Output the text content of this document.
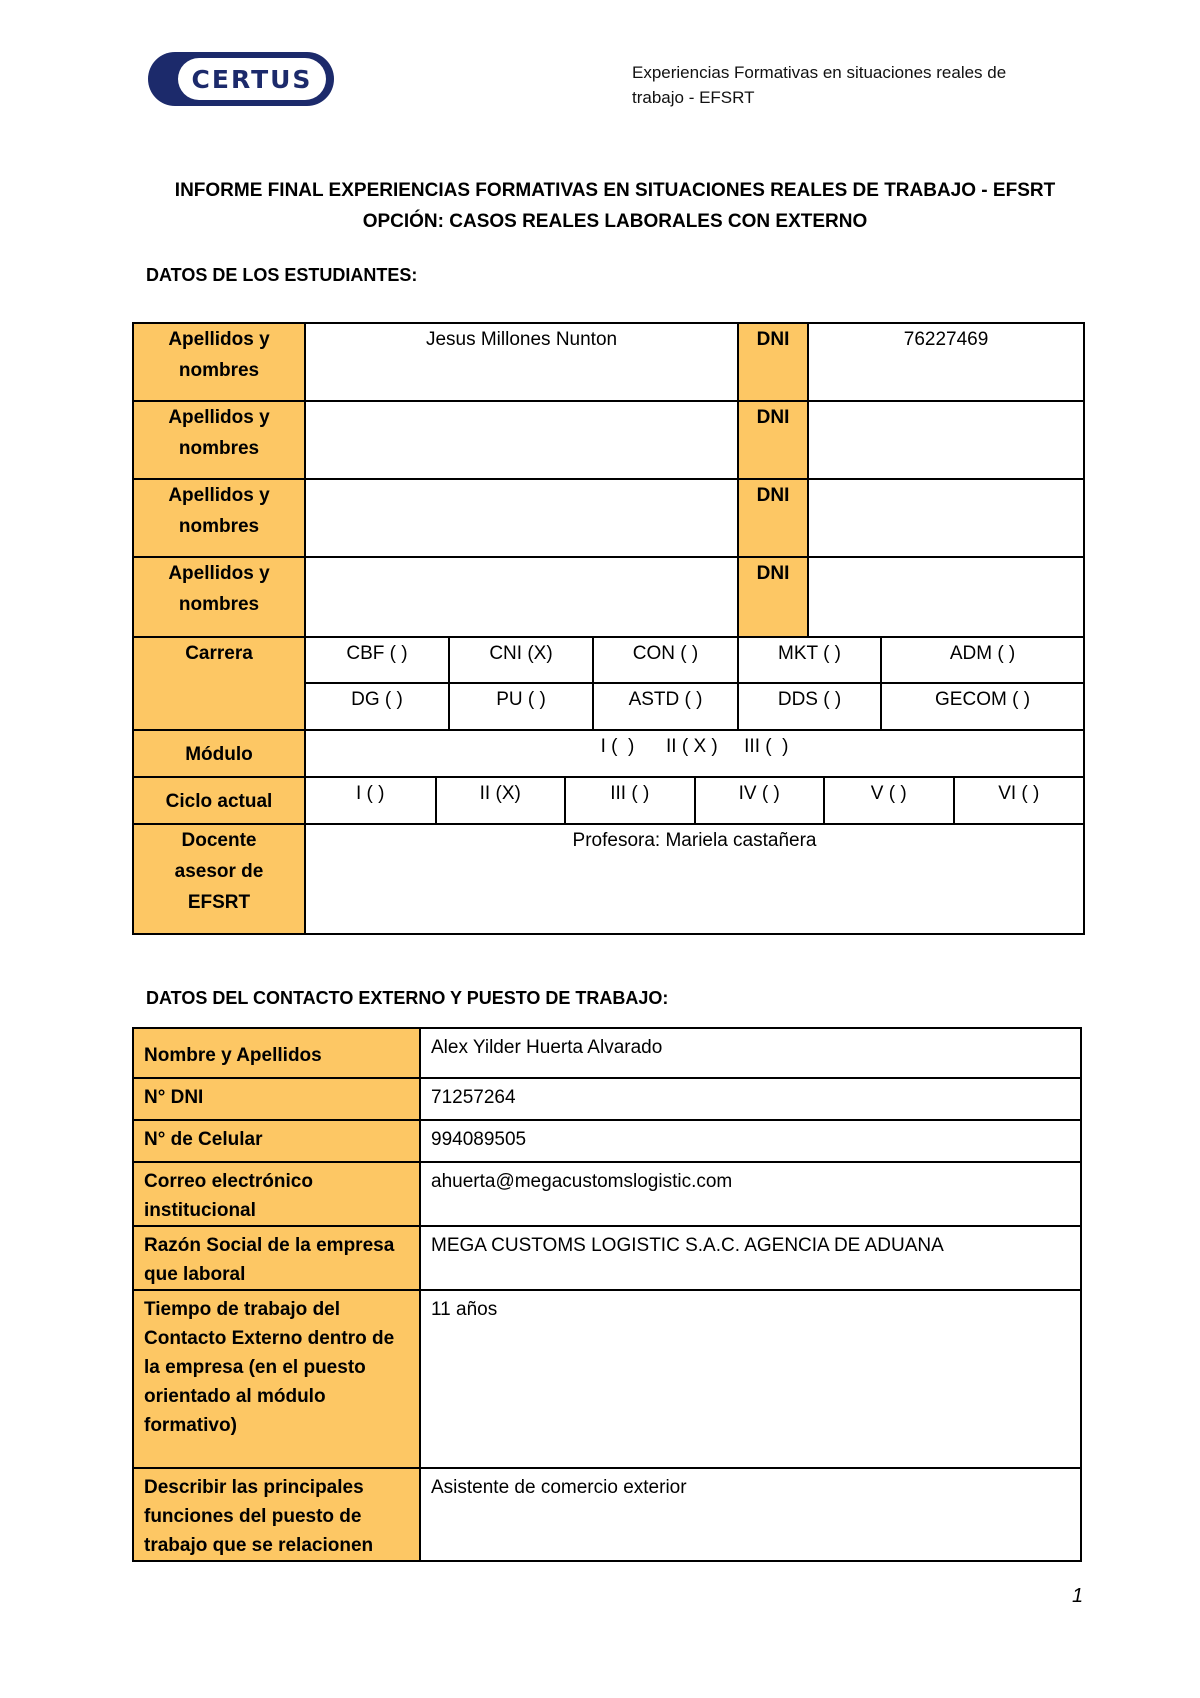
CERTUS	Experiencias Formativas en situaciones reales de
trabajo - EFSRT
INFORME FINAL EXPERIENCIAS FORMATIVAS EN SITUACIONES REALES DE TRABAJO - EFSRT
OPCIÓN: CASOS REALES LABORALES CON EXTERNO
DATOS DE LOS ESTUDIANTES:
Apellidos y
nombres
	Jesus Millones Nunton	DNI	76227469

Apellidos y
nombres
		DNI	

Apellidos y
nombres
		DNI	

Apellidos y
nombres
		DNI	
Carrera	CBF ( )	CNI (X)	CON ( )	MKT ( )	ADM ( )
DG ( )	PU ( )	ASTD ( )	DDS ( )	GECOM ( )
Módulo	I (  )      II ( X )     III (  )
Ciclo actual		I ( )	II (X)	III ( )	IV ( )	V ( )	VI ( )

Docente
asesor de
EFSRT
	Profesora: Mariela castañera
DATOS DEL CONTACTO EXTERNO Y PUESTO DE TRABAJO:
Nombre y Apellidos	Alex Yilder Huerta Alvarado
N° DNI	71257264
N° de Celular	994089505
Correo electrónico institucional	ahuerta@megacustomslogistic.com
Razón Social de la empresa que laboral	MEGA CUSTOMS LOGISTIC S.A.C. AGENCIA DE ADUANA
Tiempo de trabajo del Contacto Externo dentro de la empresa (en el puesto orientado al módulo formativo)	11 años
Describir las principales funciones del puesto de trabajo que se relacionen	Asistente de comercio exterior
1
